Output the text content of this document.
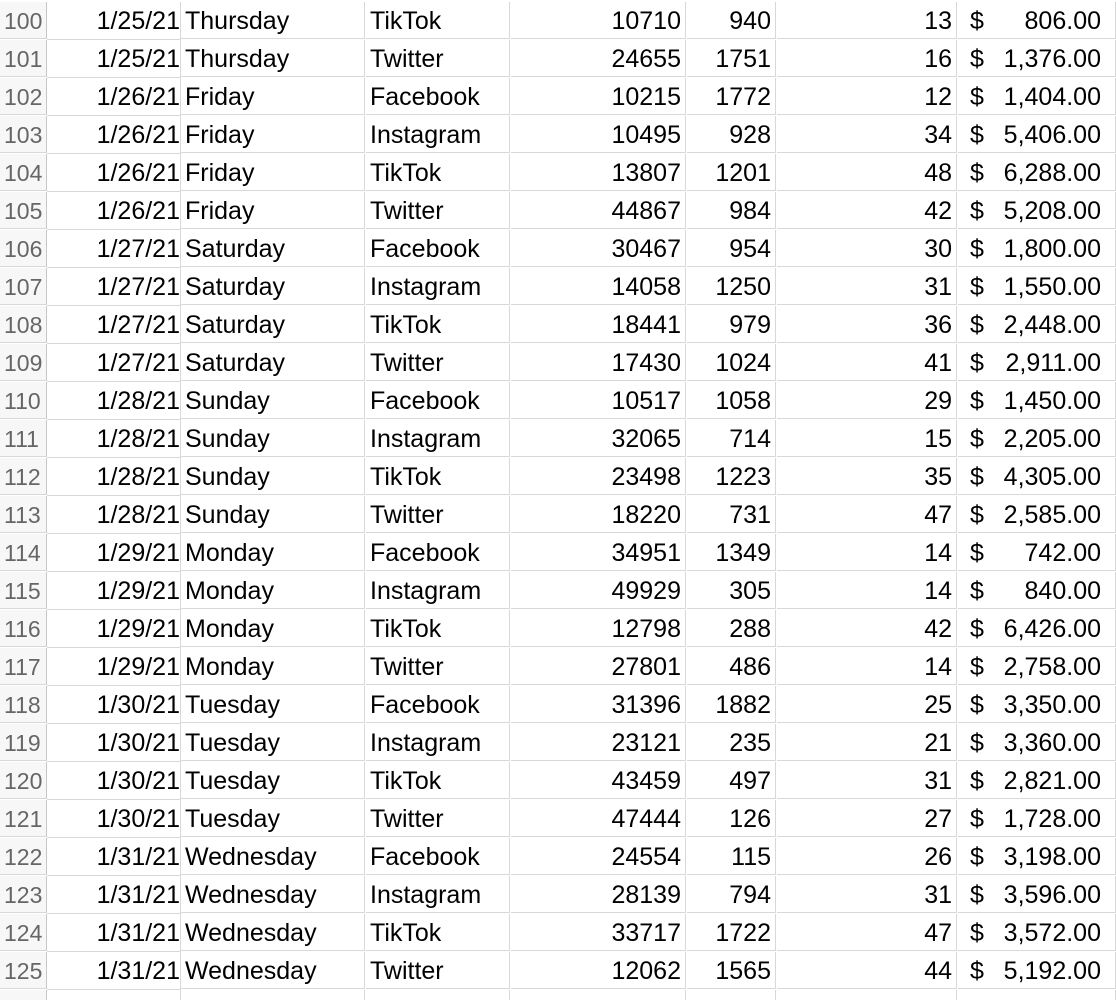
100	1/25/21 Thursday	TikTok	10710	940	13 $ 806.00
101	1/25/21 Thursday	Twitter	24655	1751	16 $ 1,376.00
102	1/26/21 Friday	Facebook	10215	1772	12 $ 1,404.00
103	1/26/21 Friday	Instagram	10495	928	34 $ 5,406.00
104	1/26/21 Friday	TikTok	13807	1201	48 $ 6,288.00
105	1/26/21 Friday	Twitter	44867	984	42 $ 5,208.00
106	1/27/21 Saturday	Facebook	30467	954	30 $ 1,800.00
107	1/27/21 Saturday	Instagram	14058	1250	31 $ 1,550.00
108	1/27/21 Saturday	TikTok	18441	979	36 $ 2,448.00
109	1/27/21 Saturday	Twitter	17430	1024	41 $ 2,911.00
110	1/28/21 Sunday	Facebook	10517	1058	29 $ 1,450.00
111	1/28/21 Sunday	Instagram	32065	714	15 $ 2,205.00
112	1/28/21 Sunday	TikTok	23498	1223	35 $ 4,305.00
113	1/28/21 Sunday	Twitter	18220	731	47 $ 2,585.00
114	1/29/21 Monday	Facebook	34951	1349	14 $ 742.00
115	1/29/21 Monday	Instagram	49929	305	14 $ 840.00
116	1/29/21 Monday	TikTok	12798	288	42 $ 6,426.00
117	1/29/21 Monday	Twitter	27801	486	14 $ 2,758.00
118	1/30/21 Tuesday	Facebook	31396	1882	25 $ 3,350.00
119	1/30/21 Tuesday	Instagram	23121	235	21 $ 3,360.00
120	1/30/21 Tuesday	TikTok	43459	497	31 $ 2,821.00
121	1/30/21 Tuesday	Twitter	47444	126	27 $ 1,728.00
122	1/31/21 Wednesday	Facebook	24554	115	26 $ 3,198.00
123	1/31/21 Wednesday	Instagram	28139	794	31 $ 3,596.00
124	1/31/21 Wednesday	TikTok	33717	1722	47 $ 3,572.00
125	1/31/21 Wednesday	Twitter	12062	1565	44 $ 5,192.00
